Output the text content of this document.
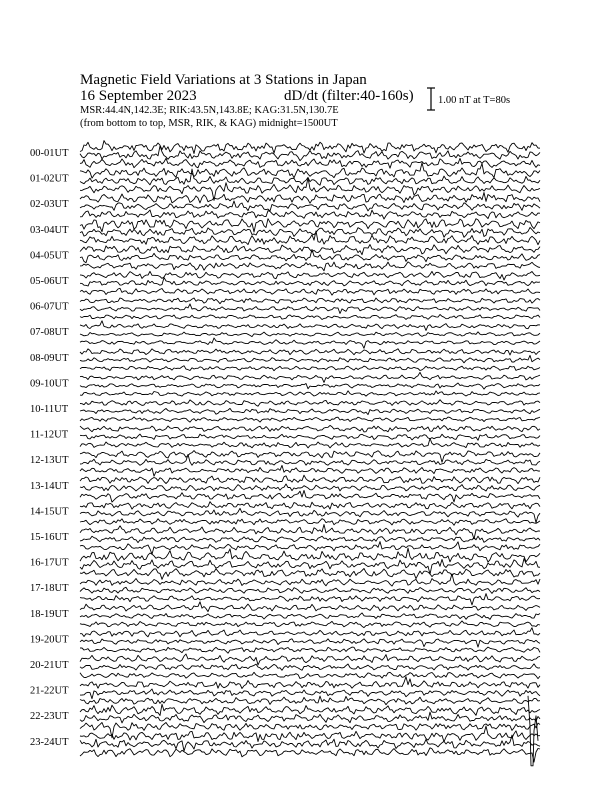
Magnetic Field Variations at 3 Stations in Japan
16 September 2023	dD/dt (filter:40-160s)
MSR:44.4N,142.3E; RIK:43.5N,143.8E; KAG:31.5N,130.7E
(from bottom to top, MSR, RIK, & KAG) midnight=1500UT
1.00 nT at T=80s
00-01UT
01-02UT
02-03UT
03-04UT
04-05UT
05-06UT
06-07UT
07-08UT
08-09UT
09-10UT
10-11UT
11-12UT
12-13UT
13-14UT
14-15UT
15-16UT
16-17UT
17-18UT
18-19UT
19-20UT
20-21UT
21-22UT
22-23UT
23-24UT
